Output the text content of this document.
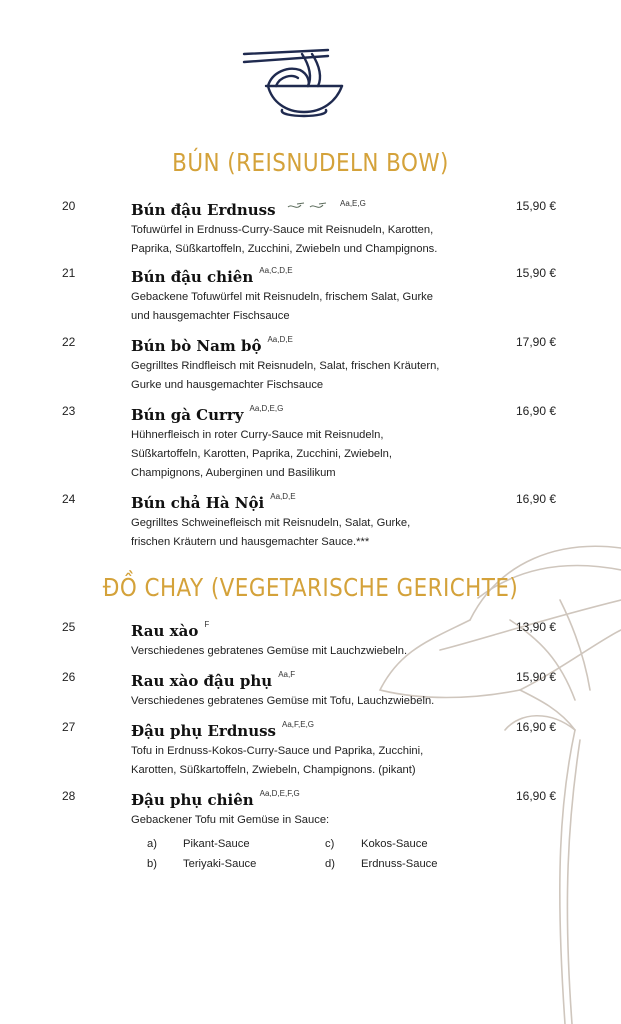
BÚN (REISNUDELN BOW)
20	Bún đậu Erdnuss	$^{Aa,E,G}$	15,90 €
Tofuwürfel in Erdnuss-Curry-Sauce mit Reisnudeln, Karotten,
Paprika, Süßkartoffeln, Zucchini, Zwiebeln und Champignons.
21	Bún đậu chiên $^{Aa,C,D,E}$	15,90 €
Gebackene Tofuwürfel mit Reisnudeln, frischem Salat, Gurke
und hausgemachter Fischsauce
22	Bún bò Nam bộ $^{Aa,D,E}$	17,90 €
Gegrilltes Rindfleisch mit Reisnudeln, Salat, frischen Kräutern,
Gurke und hausgemachter Fischsauce
23	Bún gà Curry $^{Aa,D,E,G}$	16,90 €
Hühnerfleisch in roter Curry-Sauce mit Reisnudeln,
Süßkartoffeln, Karotten, Paprika, Zucchini, Zwiebeln,
Champignons, Auberginen und Basilikum
24	Bún chả Hà Nội $^{Aa,D,E}$	16,90 €
Gegrilltes Schweinefleisch mit Reisnudeln, Salat, Gurke,
frischen Kräutern und hausgemachter Sauce.***
ĐỒ CHAY (VEGETARISCHE GERICHTE)
25	Rau xào $^F$	13,90 €
Verschiedenes gebratenes Gemüse mit Lauchzwiebeln.
26	Rau xào đậu phụ $^{Aa,F}$	15,90 €
Verschiedenes gebratenes Gemüse mit Tofu, Lauchzwiebeln.
27	Đậu phụ Erdnuss $^{Aa,F,E,G}$	16,90 €
Tofu in Erdnuss-Kokos-Curry-Sauce und Paprika, Zucchini,
Karotten, Süßkartoffeln, Zwiebeln, Champignons. (pikant)
28	Đậu phụ chiên $^{Aa,D,E,F,G}$	16,90 €
Gebackener Tofu mit Gemüse in Sauce:
a) Pikant-Sauce	c) Kokos-Sauce
b) Teriyaki-Sauce	d) Erdnuss-Sauce
